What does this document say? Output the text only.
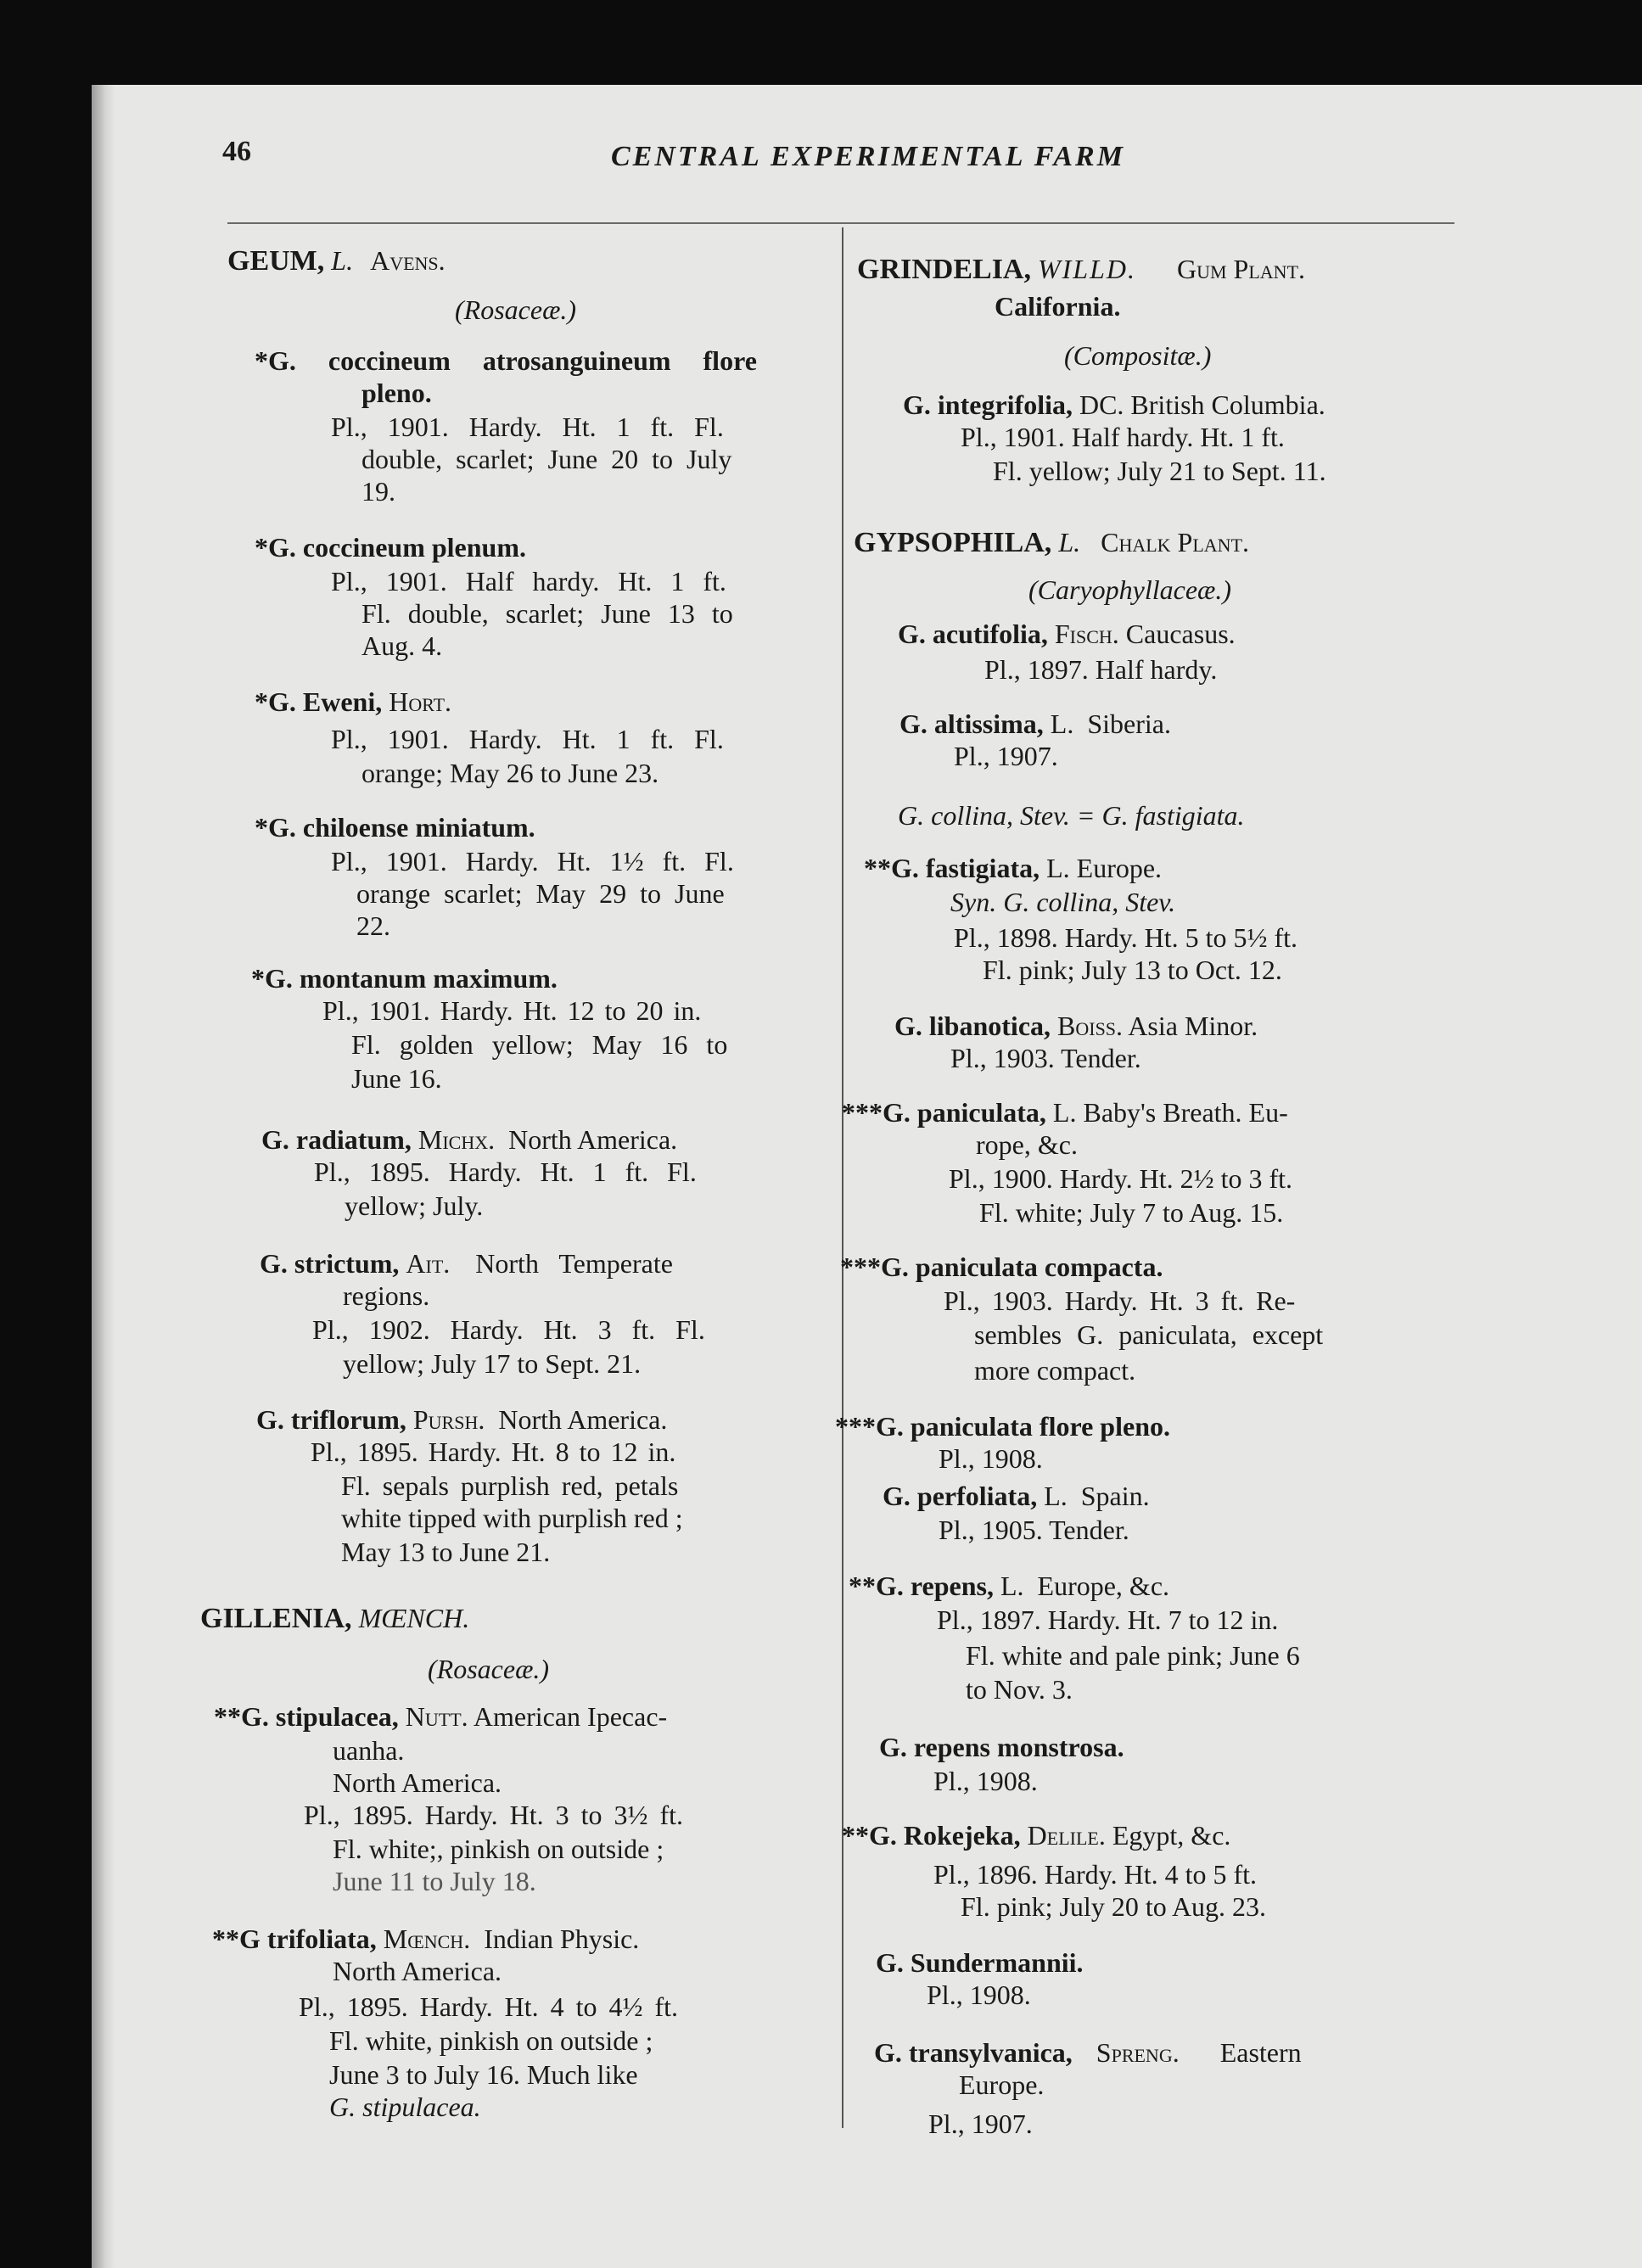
46	CENTRAL EXPERIMENTAL FARM
GEUM, L. Avens.
(Rosaceæ.)
*G. coccineum atrosanguineum flore
pleno.
Pl., 1901. Hardy. Ht. 1 ft. Fl.
double, scarlet; June 20 to July
19.
*G. coccineum plenum.
Pl., 1901. Half hardy. Ht. 1 ft.
Fl. double, scarlet; June 13 to
Aug. 4.
*G. Eweni, Hort.
Pl., 1901. Hardy. Ht. 1 ft. Fl.
orange; May 26 to June 23.
*G. chiloense miniatum.
Pl., 1901. Hardy. Ht. 1½ ft. Fl.
orange scarlet; May 29 to June
22.
*G. montanum maximum.
Pl., 1901. Hardy. Ht. 12 to 20 in.
Fl. golden yellow; May 16 to
June 16.
G. radiatum, Michx. North America.
Pl., 1895. Hardy. Ht. 1 ft. Fl.
yellow; July.
G. strictum, Ait. North Temperate
regions.
Pl., 1902. Hardy. Ht. 3 ft. Fl.
yellow; July 17 to Sept. 21.
G. triflorum, Pursh. North America.
Pl., 1895. Hardy. Ht. 8 to 12 in.
Fl. sepals purplish red, petals
white tipped with purplish red ;
May 13 to June 21.
GILLENIA, MŒNCH.
(Rosaceæ.)
**G. stipulacea, Nutt. American Ipecac-
uanha.
North America.
Pl., 1895. Hardy. Ht. 3 to 3½ ft.
Fl. white;, pinkish on outside ;
June 11 to July 18.
**G trifoliata, Mœnch. Indian Physic.
North America.
Pl., 1895. Hardy. Ht. 4 to 4½ ft.
Fl. white, pinkish on outside ;
June 3 to July 16. Much like
G. stipulacea.
GRINDELIA, WILLD. Gum Plant.
California.
(Compositæ.)
G. integrifolia, DC. British Columbia.
Pl., 1901. Half hardy. Ht. 1 ft.
Fl. yellow; July 21 to Sept. 11.
GYPSOPHILA, L. Chalk Plant.
(Caryophyllaceæ.)
G. acutifolia, Fisch. Caucasus.
Pl., 1897. Half hardy.
G. altissima, L. Siberia.
Pl., 1907.
G. collina, Stev. = G. fastigiata.
**G. fastigiata, L. Europe.
Syn. G. collina, Stev.
Pl., 1898. Hardy. Ht. 5 to 5½ ft.
Fl. pink; July 13 to Oct. 12.
G. libanotica, Boiss. Asia Minor.
Pl., 1903. Tender.
***G. paniculata, L. Baby's Breath. Eu-
rope, &c.
Pl., 1900. Hardy. Ht. 2½ to 3 ft.
Fl. white; July 7 to Aug. 15.
***G. paniculata compacta.
Pl., 1903. Hardy. Ht. 3 ft. Re-
sembles G. paniculata, except
more compact.
***G. paniculata flore pleno.
Pl., 1908.
G. perfoliata, L. Spain.
Pl., 1905. Tender.
**G. repens, L. Europe, &c.
Pl., 1897. Hardy. Ht. 7 to 12 in.
Fl. white and pale pink; June 6
to Nov. 3.
G. repens monstrosa.
Pl., 1908.
**G. Rokejeka, Delile. Egypt, &c.
Pl., 1896. Hardy. Ht. 4 to 5 ft.
Fl. pink; July 20 to Aug. 23.
G. Sundermannii.
Pl., 1908.
G. transylvanica, Spreng. Eastern
Europe.
Pl., 1907.
